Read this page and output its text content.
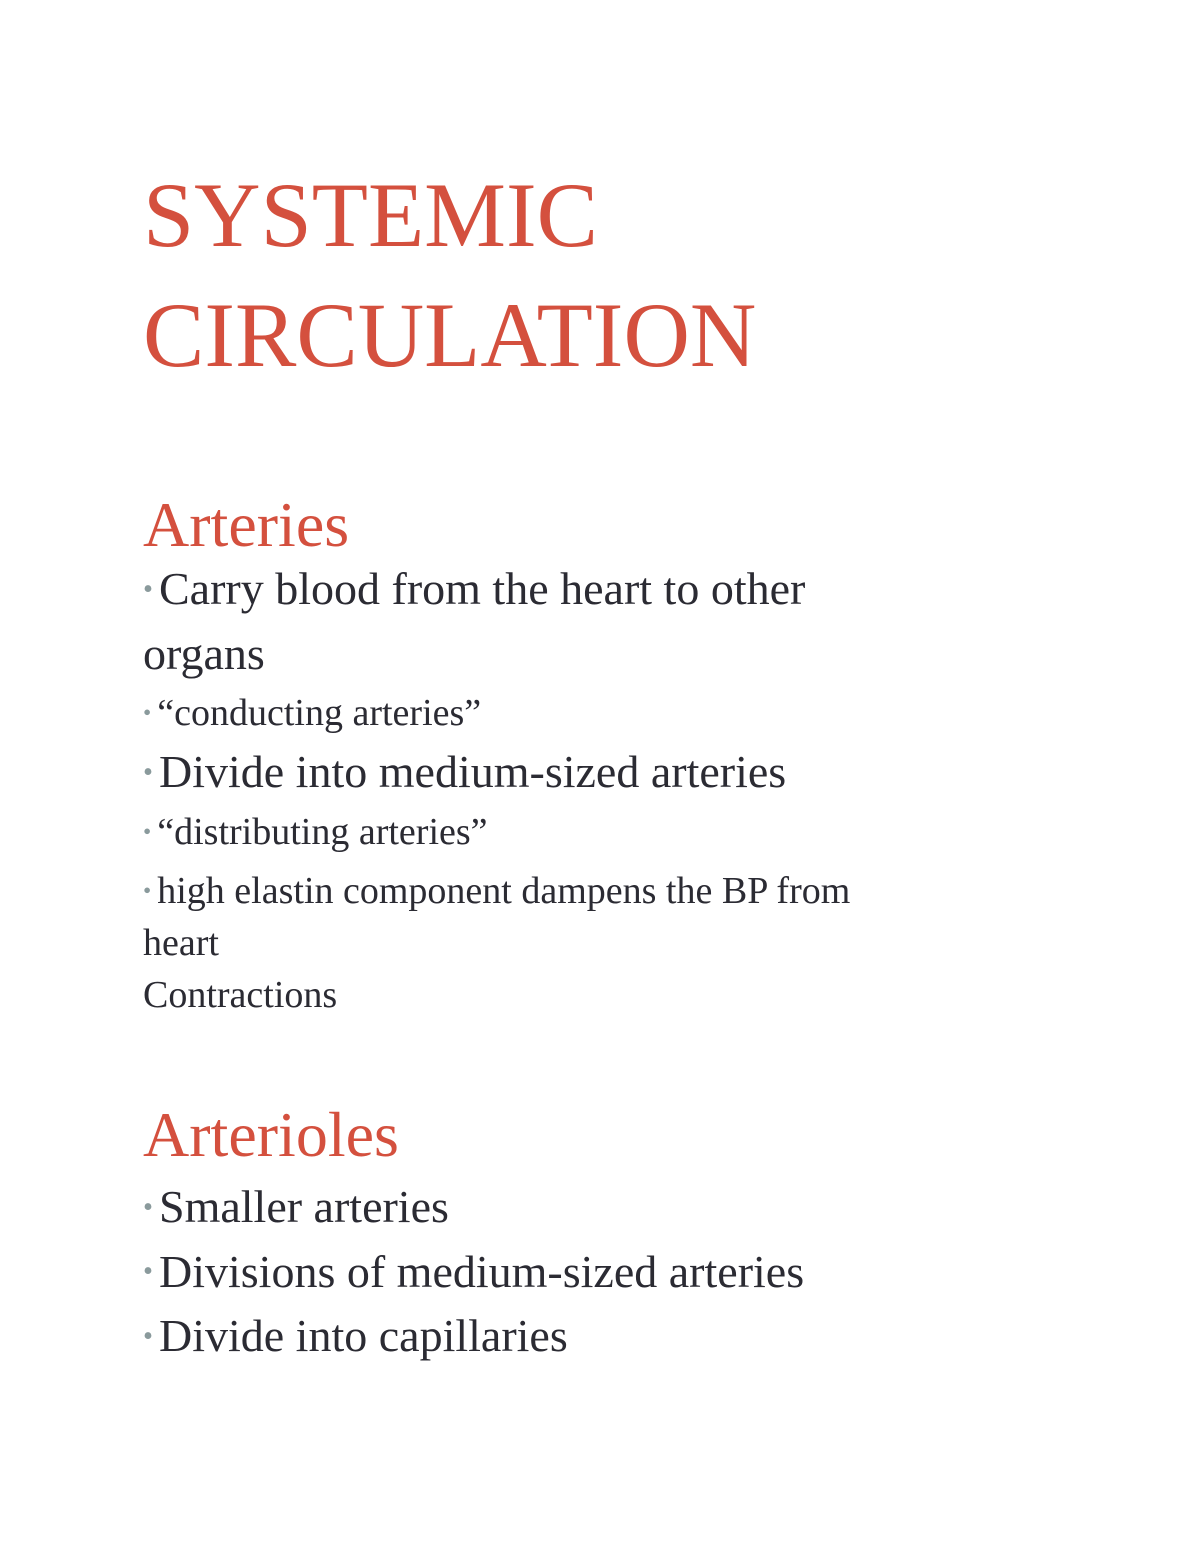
SYSTEMIC
CIRCULATION
Arteries

• Carry blood from the heart to other

organs

• “conducting arteries”

• Divide into medium-sized arteries

• “distributing arteries”

• high elastin component dampens the BP from

heart

Contractions

Arterioles

• Smaller arteries

• Divisions of medium-sized arteries

• Divide into capillaries
